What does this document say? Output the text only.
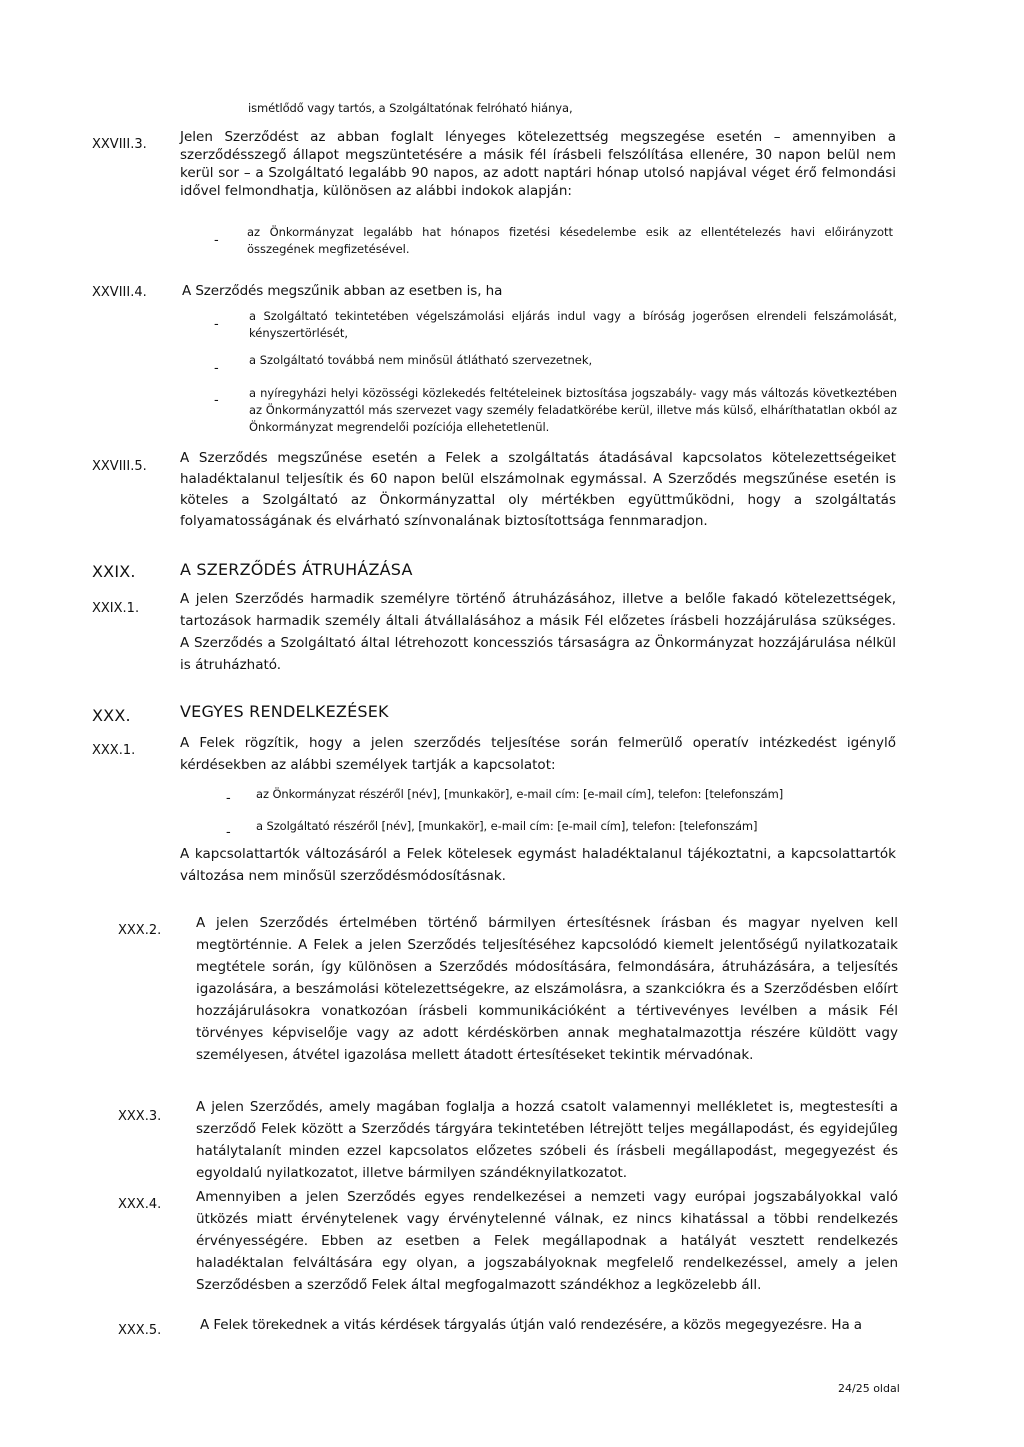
ismétlődő vagy tartós, a Szolgáltatónak felróható hiánya,
XXVIII.3. Jelen Szerződést az abban foglalt lényeges kötelezettség megszegése esetén – amennyiben a szerződésszegő állapot megszüntetésére a másik fél írásbeli felszólítása ellenére, 30 napon belül nem kerül sor – a Szolgáltató legalább 90 napos, az adott naptári hónap utolsó napjával véget érő felmondási idővel felmondhatja, különösen az alábbi indokok alapján:
-
az Önkormányzat legalább hat hónapos fizetési késedelembe esik az ellentételezés havi előirányzott összegének megfizetésével.
XXVIII.4.	A Szerződés megszűnik abban az esetben is, ha
-
a Szolgáltató tekintetében végelszámolási eljárás indul vagy a bíróság jogerősen elrendeli felszámolását, kényszertörlését,
-
a Szolgáltató továbbá nem minősül átlátható szervezetnek,
-	a nyíregyházi helyi közösségi közlekedés feltételeinek biztosítása jogszabály- vagy más változás következtében az Önkormányzattól más szervezet vagy személy feladatkörébe kerül, illetve más külső, elháríthatatlan okból az Önkormányzat megrendelői pozíciója ellehetetlenül.
XXVIII.5.
A Szerződés megszűnése esetén a Felek a szolgáltatás átadásával kapcsolatos kötelezettségeiket haladéktalanul teljesítik és 60 napon belül elszámolnak egymással. A Szerződés megszűnése esetén is köteles a Szolgáltató az Önkormányzattal oly mértékben együttműködni, hogy a szolgáltatás folyamatosságának és elvárható színvonalának biztosítottsága fennmaradjon.
XXIX.	A SZERZŐDÉS ÁTRUHÁZÁSA
XXIX.1.
A jelen Szerződés harmadik személyre történő átruházásához, illetve a belőle fakadó kötelezettségek, tartozások harmadik személy általi átvállalásához a másik Fél előzetes írásbeli hozzájárulása szükséges. A Szerződés a Szolgáltató által létrehozott koncessziós társaságra az Önkormányzat hozzájárulása nélkül is átruházható.
XXX.	VEGYES RENDELKEZÉSEK
XXX.1.	A Felek rögzítik, hogy a jelen szerződés teljesítése során felmerülő operatív intézkedést igénylő kérdésekben az alábbi személyek tartják a kapcsolatot:
- az Önkormányzat részéről [név], [munkakör], e-mail cím: [e-mail cím], telefon: [telefonszám]
- a Szolgáltató részéről [név], [munkakör], e-mail cím: [e-mail cím], telefon: [telefonszám]
A kapcsolattartók változásáról a Felek kötelesek egymást haladéktalanul tájékoztatni, a kapcsolattartók változása nem minősül szerződésmódosításnak.
XXX.2.	A jelen Szerződés értelmében történő bármilyen értesítésnek írásban és magyar nyelven kell megtörténnie. A Felek a jelen Szerződés teljesítéséhez kapcsolódó kiemelt jelentőségű nyilatkozataik megtétele során, így különösen a Szerződés módosítására, felmondására, átruházására, a teljesítés igazolására, a beszámolási kötelezettségekre, az elszámolásra, a szankciókra és a Szerződésben előírt hozzájárulásokra vonatkozóan írásbeli kommunikációként a tértivevényes levélben a másik Fél törvényes képviselője vagy az adott kérdéskörben annak meghatalmazottja részére küldött vagy személyesen, átvétel igazolása mellett átadott értesítéseket tekintik mérvadónak.
XXX.3.
A jelen Szerződés, amely magában foglalja a hozzá csatolt valamennyi mellékletet is, megtestesíti a szerződő Felek között a Szerződés tárgyára tekintetében létrejött teljes megállapodást, és egyidejűleg hatálytalanít minden ezzel kapcsolatos előzetes szóbeli és írásbeli megállapodást, megegyezést és egyoldalú nyilatkozatot, illetve bármilyen szándéknyilatkozatot.
XXX.4.	Amennyiben a jelen Szerződés egyes rendelkezései a nemzeti vagy európai jogszabályokkal való ütközés miatt érvénytelenek vagy érvénytelenné válnak, ez nincs kihatással a többi rendelkezés érvényességére. Ebben az esetben a Felek megállapodnak a hatályát vesztett rendelkezés haladéktalan felváltására egy olyan, a jogszabályoknak megfelelő rendelkezéssel, amely a jelen Szerződésben a szerződő Felek által megfogalmazott szándékhoz a legközelebb áll.
XXX.5.	A Felek törekednek a vitás kérdések tárgyalás útján való rendezésére, a közös megegyezésre. Ha a
24/25 oldal
